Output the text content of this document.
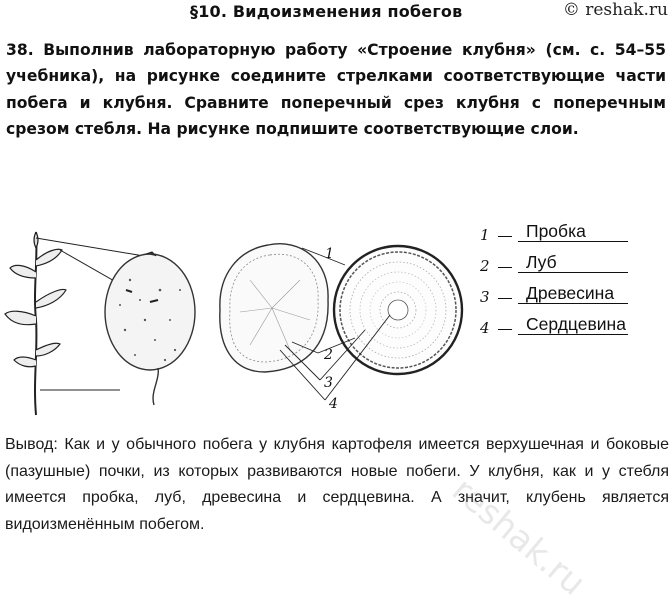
§10. Видоизменения побегов	© reshak.ru
38. Выполнив лабораторную работу «Строение клубня» (см. с. 54–55 учебника), на рисунке соедините стрелками соответствующие части побега и клубня. Сравните поперечный срез клубня с поперечным срезом стебля. На рисунке подпишите соответствующие слои.
1
2
3
4
1 Пробка
2 Луб
3 Древесина
4 Сердцевина
Вывод: Как и у обычного побега у клубня картофеля имеется верхушечная и боковые (пазушные) почки, из которых развиваются новые побеги. У клубня, как и у стебля имеется пробка, луб, древесина и сердцевина. А значит, клубень является видоизменённым побегом.	reshak.ru
